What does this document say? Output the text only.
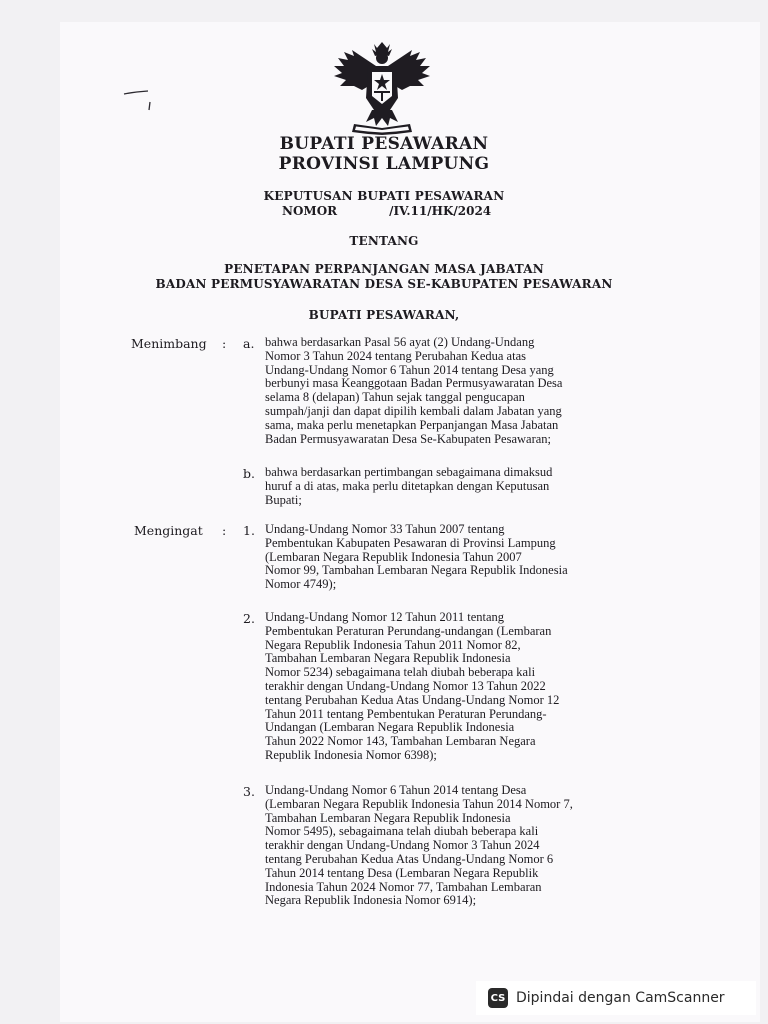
BUPATI PESAWARAN
PROVINSI LAMPUNG
KEPUTUSAN BUPATI PESAWARAN
NOMOR	/IV.11/HK/2024
TENTANG
PENETAPAN PERPANJANGAN MASA JABATAN
BADAN PERMUSYAWARATAN DESA SE-KABUPATEN PESAWARAN
BUPATI PESAWARAN,
Menimbang : a. bahwa berdasarkan Pasal 56 ayat (2) Undang-Undang
Nomor 3 Tahun 2024 tentang Perubahan Kedua atas
Undang-Undang Nomor 6 Tahun 2014 tentang Desa yang
berbunyi masa Keanggotaan Badan Permusyawaratan Desa
selama 8 (delapan) Tahun sejak tanggal pengucapan
sumpah/janji dan dapat dipilih kembali dalam Jabatan yang
sama, maka perlu menetapkan Perpanjangan Masa Jabatan
Badan Permusyawaratan Desa Se-Kabupaten Pesawaran;
b. bahwa berdasarkan pertimbangan sebagaimana dimaksud
huruf a di atas, maka perlu ditetapkan dengan Keputusan
Bupati;
Mengingat : 1. Undang-Undang Nomor 33 Tahun 2007 tentang
Pembentukan Kabupaten Pesawaran di Provinsi Lampung
(Lembaran Negara Republik Indonesia Tahun 2007
Nomor 99, Tambahan Lembaran Negara Republik Indonesia
Nomor 4749);
2. Undang-Undang Nomor 12 Tahun 2011 tentang
Pembentukan Peraturan Perundang-undangan (Lembaran
Negara Republik Indonesia Tahun 2011 Nomor 82,
Tambahan Lembaran Negara Republik Indonesia
Nomor 5234) sebagaimana telah diubah beberapa kali
terakhir dengan Undang-Undang Nomor 13 Tahun 2022
tentang Perubahan Kedua Atas Undang-Undang Nomor 12
Tahun 2011 tentang Pembentukan Peraturan Perundang-
Undangan (Lembaran Negara Republik Indonesia
Tahun 2022 Nomor 143, Tambahan Lembaran Negara
Republik Indonesia Nomor 6398);
3. Undang-Undang Nomor 6 Tahun 2014 tentang Desa
(Lembaran Negara Republik Indonesia Tahun 2014 Nomor 7,
Tambahan Lembaran Negara Republik Indonesia
Nomor 5495), sebagaimana telah diubah beberapa kali
terakhir dengan Undang-Undang Nomor 3 Tahun 2024
tentang Perubahan Kedua Atas Undang-Undang Nomor 6
Tahun 2014 tentang Desa (Lembaran Negara Republik
Indonesia Tahun 2024 Nomor 77, Tambahan Lembaran
Negara Republik Indonesia Nomor 6914);
CS Dipindai dengan CamScanner
